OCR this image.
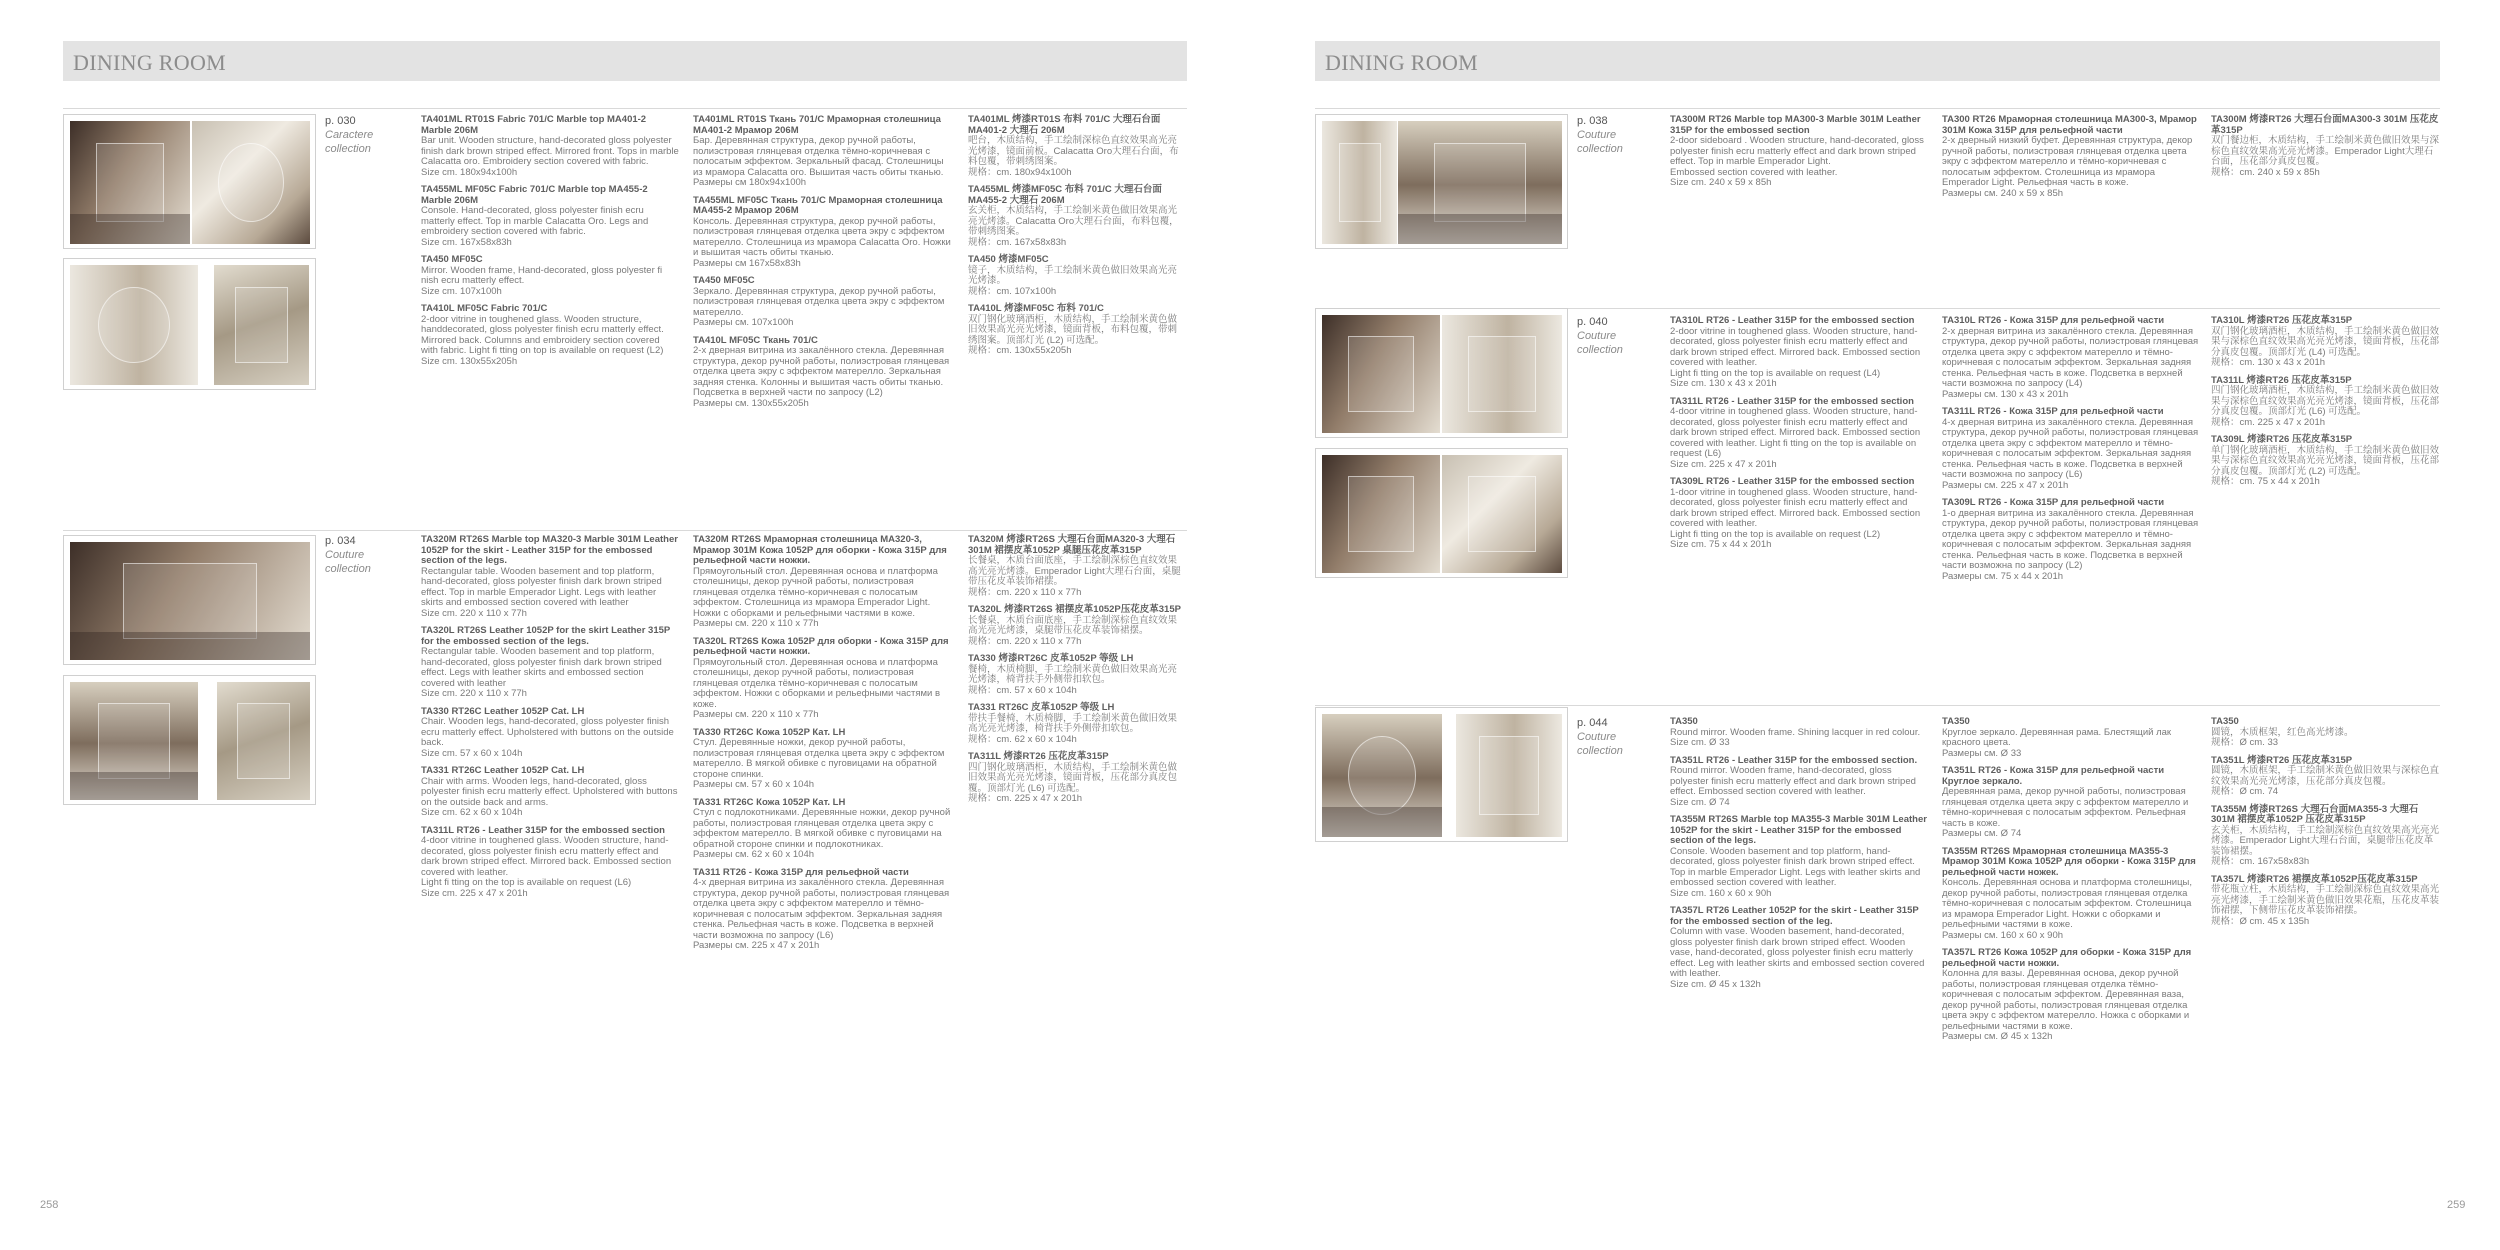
DINING ROOM
p. 030
Caractere
collection
TA401ML RT01S Fabric 701/C Marble top MA401-2 Marble 206M
Bar unit. Wooden structure, hand-decorated gloss polyester finish dark brown striped effect. Mirrored front. Tops in marble Calacatta oro. Embroidery section covered with fabric.
Size cm. 180x94x100h
TA455ML MF05C Fabric 701/C Marble top MA455-2 Marble 206M
Console. Hand-decorated, gloss polyester finish ecru matterly effect. Top in marble Calacatta Oro. Legs and embroidery section covered with fabric.
Size cm. 167x58x83h
TA450 MF05C
Mirror. Wooden frame, Hand-decorated, gloss polyester fi nish ecru matterly effect.
Size cm. 107x100h
TA410L MF05C Fabric 701/C
2-door vitrine in toughened glass. Wooden structure, handdecorated, gloss polyester finish ecru matterly effect. Mirrored back. Columns and embroidery section covered with fabric. Light fi tting on top is available on request (L2)
Size cm. 130x55x205h
TA401ML RT01S Ткань 701/C Мраморная столешница MA401-2 Мрамор 206M
Бар. Деревянная структура, декор ручной работы, полиэстровая глянцевая отделка тёмно-коричневая с полосатым эффектом. Зеркальный фасад. Столешницы из мрамора Calacatta oro. Вышитая часть обиты тканью.
Размеры см 180x94x100h
TA455ML MF05C Ткань 701/C Мраморная столешница MA455-2 Мрамор 206M
Консоль. Деревянная структура, декор ручной работы, полиэстровая глянцевая отделка цвета экру с эффектом матерелло. Столешница из мрамора Calacatta Oro. Ножки и вышитая часть обиты тканью.
Размеры см 167x58x83h
TA450 MF05C
Зеркало. Деревянная структура, декор ручной работы, полиэстровая глянцевая отделка цвета экру с эффектом матерелло.
Размеры см. 107x100h
TA410L MF05C Ткань 701/C
2-х дверная витрина из закалённого стекла. Деревянная структура, декор ручной работы, полиэстровая глянцевая отделка цвета экру с эффектом матерелло. Зеркальная задняя стенка. Колонны и вышитая часть обиты тканью. Подсветка в верхней части по запросу (L2)
Размеры см. 130x55x205h
TA401ML 烤漆RT01S 布料 701/C 大理石台面 MA401-2 大理石 206M
吧台，木质结构，手工绘制深棕色直纹效果高光亮光烤漆，镜面前板。Calacatta Oro大理石台面，布料包覆，带刺绣图案。
规格：cm. 180x94x100h
TA455ML 烤漆MF05C 布料 701/C 大理石台面 MA455-2 大理石 206M
玄关柜，木质结构，手工绘制米黄色做旧效果高光亮光烤漆。Calacatta Oro大理石台面，布料包覆，带刺绣图案。
规格：cm. 167x58x83h
TA450 烤漆MF05C
镜子，木质结构，手工绘制米黄色做旧效果高光亮光烤漆。
规格：cm. 107x100h
TA410L 烤漆MF05C 布料 701/C
双门钢化玻璃酒柜，木质结构，手工绘制米黄色做旧效果高光亮光烤漆，镜面背板，布料包覆，带刺绣图案。顶部灯光 (L2) 可选配。
规格：cm. 130x55x205h
p. 034
Couture
collection
TA320M RT26S Marble top MA320-3 Marble 301M Leather 1052P for the skirt - Leather 315P for the embossed section of the legs.
Rectangular table. Wooden basement and top platform, hand-decorated, gloss polyester finish dark brown striped effect. Top in marble Emperador Light. Legs with leather skirts and embossed section covered with leather
Size cm. 220 x 110 x 77h
TA320L RT26S Leather 1052P for the skirt Leather 315P for the embossed section of the legs.
Rectangular table. Wooden basement and top platform, hand-decorated, gloss polyester finish dark brown striped effect. Legs with leather skirts and embossed section covered with leather
Size cm. 220 x 110 x 77h
TA330 RT26C Leather 1052P Cat. LH
Chair. Wooden legs, hand-decorated, gloss polyester finish ecru matterly effect. Upholstered with buttons on the outside back.
Size cm. 57 x 60 x 104h
TA331 RT26C Leather 1052P Cat. LH
Chair with arms. Wooden legs, hand-decorated, gloss polyester finish ecru matterly effect. Upholstered with buttons on the outside back and arms.
Size cm. 62 x 60 x 104h
TA311L RT26 - Leather 315P for the embossed section
4-door vitrine in toughened glass. Wooden structure, hand-decorated, gloss polyester finish ecru matterly effect and dark brown striped effect. Mirrored back. Embossed section covered with leather.
Light fi tting on the top is available on request (L6)
Size cm. 225 x 47 x 201h
TA320M RT26S Мраморная столешница MA320-3, Мрамор 301M Кожа 1052P для оборки - Кожа 315P для рельефной части ножки.
Прямоугольный стол. Деревянная основа и платформа столешницы, декор ручной работы, полиэстровая глянцевая отделка тёмно-коричневая с полосатым эффектом. Столешница из мрамора Emperador Light. Ножки с оборками и рельефными частями в коже.
Размеры см. 220 x 110 x 77h
TA320L RT26S Кожа 1052P для оборки - Кожа 315P для рельефной части ножки.
Прямоугольный стол. Деревянная основа и платформа столешницы, декор ручной работы, полиэстровая глянцевая отделка тёмно-коричневая с полосатым эффектом. Ножки с оборками и рельефными частями в коже.
Размеры см. 220 x 110 x 77h
TA330 RT26C Кожа 1052P Кат. LH
Стул. Деревянные ножки, декор ручной работы, полиэстровая глянцевая отделка цвета экру с эффектом матерелло. В мягкой обивке с пуговицами на обратной стороне спинки.
Размеры см. 57 x 60 x 104h
TA331 RT26C Кожа 1052P Кат. LH
Стул с подлокотниками. Деревянные ножки, декор ручной работы, полиэстровая глянцевая отделка цвета экру с эффектом матерелло. В мягкой обивке с пуговицами на обратной стороне спинки и подлокотниках.
Размеры см. 62 x 60 x 104h
TA311 RT26 - Кожа 315P для рельефной части
4-х дверная витрина из закалённого стекла. Деревянная структура, декор ручной работы, полиэстровая глянцевая отделка цвета экру с эффектом матерелло и тёмно-коричневая с полосатым эффектом. Зеркальная задняя стенка. Рельефная часть в коже. Подсветка в верхней части возможна по запросу (L6)
Размеры см. 225 x 47 x 201h
TA320M 烤漆RT26S 大理石台面MA320-3 大理石301M 裙摆皮革1052P 桌腿压花皮革315P
长餐桌，木质台面底座，手工绘制深棕色直纹效果高光亮光烤漆。Emperador Light大理石台面，桌腿带压花皮革装饰裙摆。
规格：cm. 220 x 110 x 77h
TA320L 烤漆RT26S 裙摆皮革1052P压花皮革315P
长餐桌，木质台面底座，手工绘制深棕色直纹效果高光亮光烤漆，桌腿带压花皮革装饰裙摆。
规格：cm. 220 x 110 x 77h
TA330 烤漆RT26C 皮革1052P 等级 LH
餐椅，木质椅脚，手工绘制米黄色做旧效果高光亮光烤漆，椅背扶手外侧带扣软包。
规格：cm. 57 x 60 x 104h
TA331 RT26C 皮革1052P 等级 LH
带扶手餐椅，木质椅脚，手工绘制米黄色做旧效果高光亮光烤漆，椅背扶手外侧带扣软包。
规格：cm. 62 x 60 x 104h
TA311L 烤漆RT26 压花皮革315P
四门钢化玻璃酒柜，木质结构，手工绘制米黄色做旧效果高光亮光烤漆，镜面背板，压花部分真皮包覆。顶部灯光 (L6) 可选配。
规格：cm. 225 x 47 x 201h
258
DINING ROOM
p. 038
Couture
collection
TA300M RT26 Marble top MA300-3 Marble 301M Leather 315P for the embossed section
2-door sideboard . Wooden structure, hand-decorated, gloss polyester finish ecru matterly effect and dark brown striped effect. Top in marble Emperador Light.
Embossed section covered with leather.
Size cm. 240 x 59 x 85h
TA300 RT26 Мраморная столешница MA300-3, Мрамор 301M Кожа 315P для рельефной части
2-х дверный низкий буфет. Деревянная структура, декор ручной работы, полиэстровая глянцевая отделка цвета экру с эффектом матерелло и тёмно-коричневая с полосатым эффектом. Столешница из мрамора Emperador Light. Рельефная часть в коже.
Размеры см. 240 x 59 x 85h
TA300M 烤漆RT26 大理石台面MA300-3 301M 压花皮革315P
双门餐边柜，木质结构，手工绘制米黄色做旧效果与深棕色直纹效果高光亮光烤漆。Emperador Light大理石台面，压花部分真皮包覆。
规格：cm. 240 x 59 x 85h
p. 040
Couture
collection
TA310L RT26 - Leather 315P for the embossed section
2-door vitrine in toughened glass. Wooden structure, hand-decorated, gloss polyester finish ecru matterly effect and dark brown striped effect. Mirrored back. Embossed section covered with leather.
Light fi tting on the top is available on request (L4)
Size cm. 130 x 43 x 201h
TA311L RT26 - Leather 315P for the embossed section
4-door vitrine in toughened glass. Wooden structure, hand-decorated, gloss polyester finish ecru matterly effect and dark brown striped effect. Mirrored back. Embossed section covered with leather. Light fi tting on the top is available on request (L6)
Size cm. 225 x 47 x 201h
TA309L RT26 - Leather 315P for the embossed section
1-door vitrine in toughened glass. Wooden structure, hand-decorated, gloss polyester finish ecru matterly effect and dark brown striped effect. Mirrored back. Embossed section covered with leather.
Light fi tting on the top is available on request (L2)
Size cm. 75 x 44 x 201h
TA310L RT26 - Кожа 315P для рельефной части
2-х дверная витрина из закалённого стекла. Деревянная структура, декор ручной работы, полиэстровая глянцевая отделка цвета экру с эффектом матерелло и тёмно-коричневая с полосатым эффектом. Зеркальная задняя стенка. Рельефная часть в коже. Подсветка в верхней части возможна по запросу (L4)
Размеры см. 130 x 43 x 201h
TA311L RT26 - Кожа 315P для рельефной части
4-х дверная витрина из закалённого стекла. Деревянная структура, декор ручной работы, полиэстровая глянцевая отделка цвета экру с эффектом матерелло и тёмно-коричневая с полосатым эффектом. Зеркальная задняя стенка. Рельефная часть в коже. Подсветка в верхней части возможна по запросу (L6)
Размеры см. 225 x 47 x 201h
TA309L RT26 - Кожа 315P для рельефной части
1-о дверная витрина из закалённого стекла. Деревянная структура, декор ручной работы, полиэстровая глянцевая отделка цвета экру с эффектом матерелло и тёмно-коричневая с полосатым эффектом. Зеркальная задняя стенка. Рельефная часть в коже. Подсветка в верхней части возможна по запросу (L2)
Размеры см. 75 x 44 x 201h
TA310L 烤漆RT26 压花皮革315P
双门钢化玻璃酒柜，木质结构，手工绘制米黄色做旧效果与深棕色直纹效果高光亮光烤漆，镜面背板，压花部分真皮包覆。顶部灯光 (L4) 可选配。
规格：cm. 130 x 43 x 201h
TA311L 烤漆RT26 压花皮革315P
四门钢化玻璃酒柜，木质结构，手工绘制米黄色做旧效果与深棕色直纹效果高光亮光烤漆，镜面背板，压花部分真皮包覆。顶部灯光 (L6) 可选配。
规格：cm. 225 x 47 x 201h
TA309L 烤漆RT26 压花皮革315P
单门钢化玻璃酒柜，木质结构，手工绘制米黄色做旧效果与深棕色直纹效果高光亮光烤漆，镜面背板，压花部分真皮包覆。顶部灯光 (L2) 可选配。
规格：cm. 75 x 44 x 201h
p. 044
Couture
collection
TA350
Round mirror. Wooden frame. Shining lacquer in red colour.
Size cm. Ø 33
TA351L RT26 - Leather 315P for the embossed section.
Round mirror. Wooden frame, hand-decorated, gloss polyester finish ecru matterly effect and dark brown striped effect. Embossed section covered with leather.
Size cm. Ø 74
TA355M RT26S Marble top MA355-3 Marble 301M Leather 1052P for the skirt - Leather 315P for the embossed section of the legs.
Console. Wooden basement and top platform, hand-decorated, gloss polyester finish dark brown striped effect. Top in marble Emperador Light. Legs with leather skirts and embossed section covered with leather.
Size cm. 160 x 60 x 90h
TA357L RT26 Leather 1052P for the skirt - Leather 315P for the embossed section of the leg.
Column with vase. Wooden basement, hand-decorated, gloss polyester finish dark brown striped effect. Wooden vase, hand-decorated, gloss polyester finish ecru matterly effect. Leg with leather skirts and embossed section covered with leather.
Size cm. Ø 45 x 132h
TA350
Круглое зеркало. Деревянная рама. Блестящий лак красного цвета.
Размеры см. Ø 33
TA351L RT26 - Кожа 315P для рельефной части Круглое зеркало.
Деревянная рама, декор ручной работы, полиэстровая глянцевая отделка цвета экру с эффектом матерелло и тёмно-коричневая с полосатым эффектом. Рельефная часть в коже.
Размеры см. Ø 74
TA355M RT26S Мраморная столешница MA355-3 Мрамор 301M Кожа 1052P для оборки - Кожа 315P для рельефной части ножек.
Консоль. Деревянная основа и платформа столешницы, декор ручной работы, полиэстровая глянцевая отделка тёмно-коричневая с полосатым эффектом. Столешница из мрамора Emperador Light. Ножки с оборками и рельефными частями в коже.
Размеры см. 160 x 60 x 90h
TA357L RT26 Кожа 1052P для оборки - Кожа 315P для рельефной части ножки.
Колонна для вазы. Деревянная основа, декор ручной работы, полиэстровая глянцевая отделка тёмно-коричневая с полосатым эффектом. Деревянная ваза, декор ручной работы, полиэстровая глянцевая отделка цвета экру с эффектом матерелло. Ножка с оборками и рельефными частями в коже.
Размеры см. Ø 45 x 132h
TA350
圆镜，木质框架，红色高光烤漆。
规格：Ø cm. 33
TA351L 烤漆RT26 压花皮革315P
圆镜，木质框架，手工绘制米黄色做旧效果与深棕色直纹效果高光亮光烤漆，压花部分真皮包覆。
规格：Ø cm. 74
TA355M 烤漆RT26S 大理石台面MA355-3 大理石301M 裙摆皮革1052P 压花皮革315P
玄关柜，木质结构，手工绘制深棕色直纹效果高光亮光烤漆。Emperador Light大理石台面，桌腿带压花皮革装饰裙摆。
规格：cm. 167x58x83h
TA357L 烤漆RT26 裙摆皮革1052P压花皮革315P
带花瓶立柱，木质结构，手工绘制深棕色直纹效果高光亮光烤漆，手工绘制米黄色做旧效果花瓶，压花皮革装饰裙摆，下侧带压花皮革装饰裙摆。
规格：Ø cm. 45 x 135h
259
